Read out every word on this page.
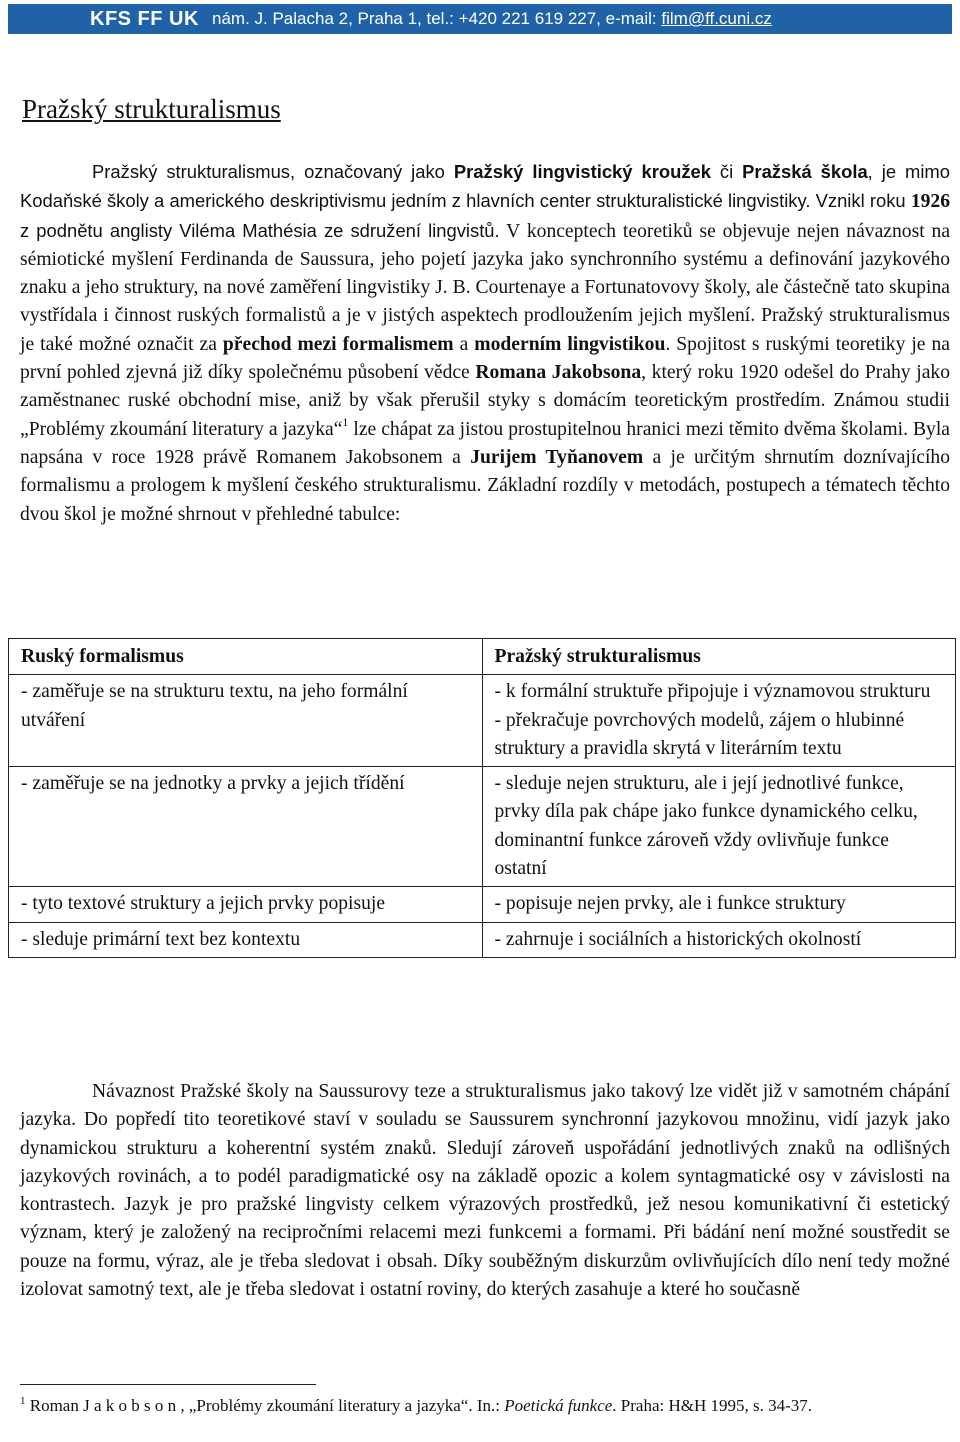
KFS FF UK nám. J. Palacha 2, Praha 1, tel.: +420 221 619 227, e-mail: film@ff.cuni.cz
Pražský strukturalismus

Pražský strukturalismus, označovaný jako Pražský lingvistický kroužek či Pražská škola, je mimo Kodaňské školy a amerického deskriptivismu jedním z hlavních center strukturalistické lingvistiky. Vznikl roku 1926 z podnětu anglisty Viléma Mathésia ze sdružení lingvistů. V konceptech teoretiků se objevuje nejen návaznost na sémiotické myšlení Ferdinanda de Saussura, jeho pojetí jazyka jako synchronního systému a definování jazykového znaku a jeho struktury, na nové zaměření lingvistiky J. B. Courtenaye a Fortunatovovy školy, ale částečně tato skupina vystřídala i činnost ruských formalistů a je v jistých aspektech prodloužením jejich myšlení. Pražský strukturalismus je také možné označit za přechod mezi formalismem a moderním lingvistikou. Spojitost s ruskými teoretiky je na první pohled zjevná již díky společnému působení vědce Romana Jakobsona, který roku 1920 odešel do Prahy jako zaměstnanec ruské obchodní mise, aniž by však přerušil styky s domácím teoretickým prostředím. Známou studii „Problémy zkoumání literatury a jazyka“$^1$ lze chápat za jistou prostupitelnou hranici mezi těmito dvěma školami. Byla napsána v roce 1928 právě Romanem Jakobsonem a Jurijem Tyňanovem a je určitým shrnutím doznívajícího formalismu a prologem k myšlení českého strukturalismu. Základní rozdíly v metodách, postupech a tématech těchto dvou škol je možné shrnout v přehledné tabulce:

Ruský formalismus	Pražský strukturalismus
- zaměřuje se na strukturu textu, na jeho formální utváření	- k formální struktuře připojuje i významovou strukturu
- překračuje povrchových modelů, zájem o hlubinné struktury a pravidla skrytá v literárním textu
- zaměřuje se na jednotky a prvky a jejich třídění	- sleduje nejen strukturu, ale i její jednotlivé funkce, prvky díla pak chápe jako funkce dynamického celku, dominantní funkce zároveň vždy ovlivňuje funkce ostatní
- tyto textové struktury a jejich prvky popisuje	- popisuje nejen prvky, ale i funkce struktury
- sleduje primární text bez kontextu	- zahrnuje i sociálních a historických okolností

Návaznost Pražské školy na Saussurovy teze a strukturalismus jako takový lze vidět již v samotném chápání jazyka. Do popředí tito teoretikové staví v souladu se Saussurem synchronní jazykovou množinu, vidí jazyk jako dynamickou strukturu a koherentní systém znaků. Sledují zároveň uspořádání jednotlivých znaků na odlišných jazykových rovinách, a to podél paradigmatické osy na základě opozic a kolem syntagmatické osy v závislosti na kontrastech. Jazyk je pro pražské lingvisty celkem výrazových prostředků, jež nesou komunikativní či estetický význam, který je založený na recipročními relacemi mezi funkcemi a formami. Při bádání není možné soustředit se pouze na formu, výraz, ale je třeba sledovat i obsah. Díky souběžným diskurzům ovlivňujících dílo není tedy možné izolovat samotný text, ale je třeba sledovat i ostatní roviny, do kterých zasahuje a které ho současně

$^1$ Roman J a k o b s o n , „Problémy zkoumání literatury a jazyka“. In.: Poetická funkce. Praha: H&H 1995, s. 34-37.
